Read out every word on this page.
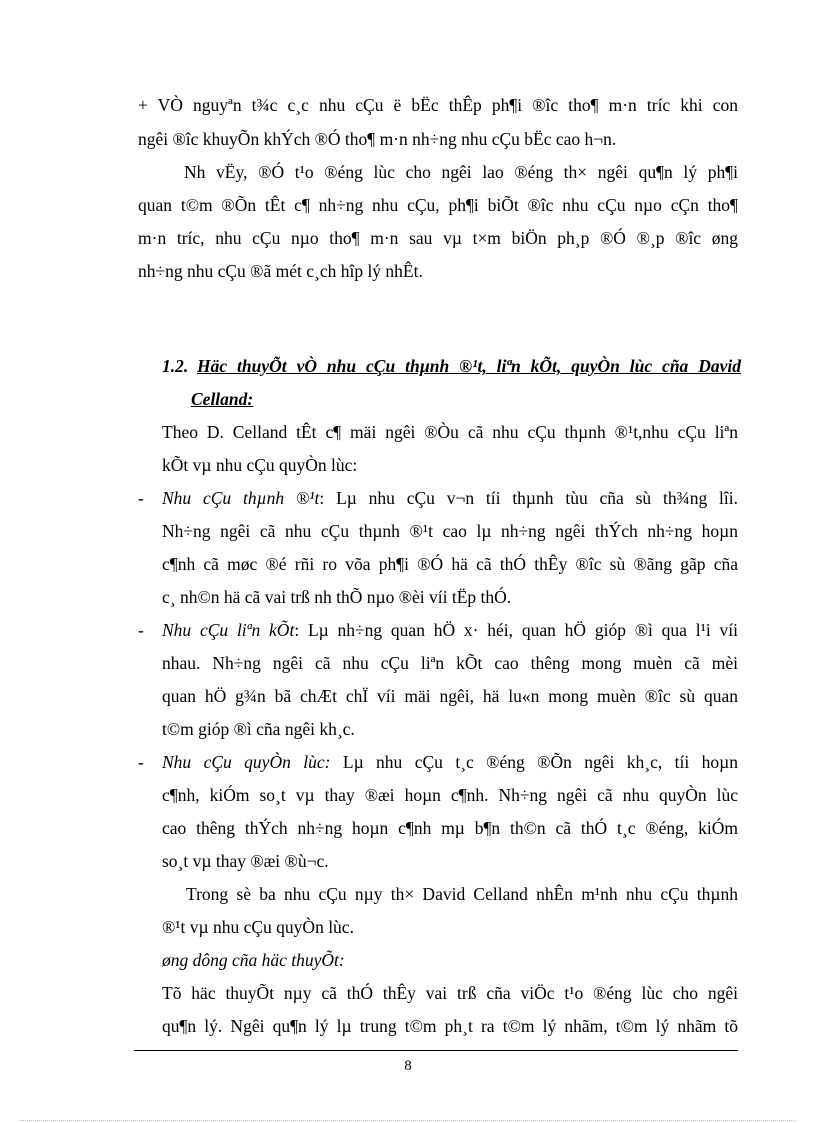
+ VÒ nguyªn t¾c c¸c nhu cÇu ë bËc thÊp ph¶i ®îc tho¶ m·n tríc khi con
ngêi ®îc khuyÕn khÝch ®Ó tho¶ m·n nh÷ng nhu cÇu bËc cao h¬n.
Nh vËy, ®Ó t¹o ®éng lùc cho ngêi lao ®éng th× ngêi qu¶n lý ph¶i
quan t©m ®Õn tÊt c¶ nh÷ng nhu cÇu, ph¶i biÕt ®îc nhu cÇu nµo cÇn tho¶
m·n tríc, nhu cÇu nµo tho¶ m·n sau vµ t×m biÖn ph¸p ®Ó ®¸p ®îc øng
nh÷ng nhu cÇu ®ã mét c¸ch hîp lý nhÊt.
1.2. Häc thuyÕt vÒ nhu cÇu thµnh ®¹t, liªn kÕt, quyÒn lùc cña David
Celland:
Theo D. Celland tÊt c¶ mäi ngêi ®Òu cã nhu cÇu thµnh ®¹t,nhu cÇu liªn
kÕt vµ nhu cÇu quyÒn lùc:
- Nhu cÇu thµnh ®¹t: Lµ nhu cÇu v¬n tíi thµnh tùu cña sù th¾ng lîi.
Nh÷ng ngêi cã nhu cÇu thµnh ®¹t cao lµ nh÷ng ngêi thÝch nh÷ng hoµn
c¶nh cã møc ®é rñi ro võa ph¶i ®Ó hä cã thÓ thÊy ®îc sù ®ãng gãp cña
c¸ nh©n hä cã vai trß nh thÕ nµo ®èi víi tËp thÓ.
- Nhu cÇu liªn kÕt: Lµ nh÷ng quan hÖ x· héi, quan hÖ gióp ®ì qua l¹i víi
nhau. Nh÷ng ngêi cã nhu cÇu liªn kÕt cao thêng mong muèn cã mèi
quan hÖ g¾n bã chÆt chÏ víi mäi ngêi, hä lu«n mong muèn ®îc sù quan
t©m gióp ®ì cña ngêi kh¸c.
- Nhu cÇu quyÒn lùc: Lµ nhu cÇu t¸c ®éng ®Õn ngêi kh¸c, tíi hoµn
c¶nh, kiÓm so¸t vµ thay ®æi hoµn c¶nh. Nh÷ng ngêi cã nhu quyÒn lùc
cao thêng thÝch nh÷ng hoµn c¶nh mµ b¶n th©n cã thÓ t¸c ®éng, kiÓm
so¸t vµ thay ®æi ®ù¬c.
Trong sè ba nhu cÇu nµy th× David Celland nhÊn m¹nh nhu cÇu thµnh
®¹t vµ nhu cÇu quyÒn lùc.
øng dông cña häc thuyÕt:
Tõ häc thuyÕt nµy cã thÓ thÊy vai trß cña viÖc t¹o ®éng lùc cho ngêi
qu¶n lý. Ngêi qu¶n lý lµ trung t©m ph¸t ra t©m lý nhãm, t©m lý nhãm tõ
8
